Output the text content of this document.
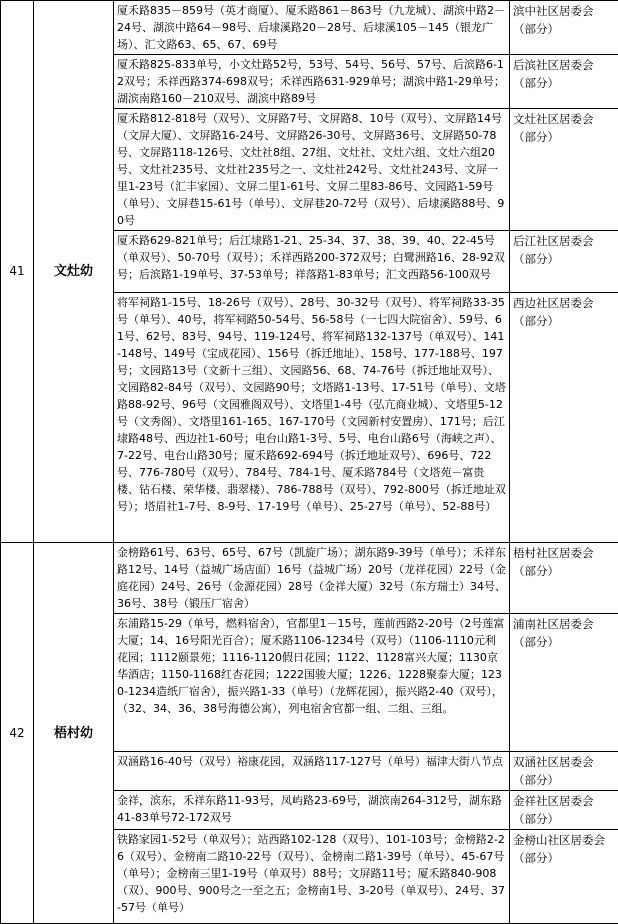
41	文灶幼	厦禾路835－859号（英才商厦）、厦禾路861－863号（九龙城）、湖滨中路2－24号、湖滨中路64－98号、后埭溪路20－28号、后埭溪105－145（银龙广场）、汇文路63、65、67、69号	滨中社区居委会（部分）
		厦禾路825-833单号，小文灶路52号，53号、54号、56号、57号、后滨路6-12双号；禾祥西路374-698双号；禾祥西路631-929单号；湖滨中路1-29单号；湖滨南路160－210双号、湖滨中路89号	后滨社区居委会（部分）
		厦禾路812-818号（双号）、文屏路7号、文屏路8、10号（双号）、文屏路14号（文屏大厦）、文屏路16-24号、文屏路26-30号、文屏路36号、文屏路50-78号、文屏路118-126号、文灶社8组、27组、文灶社、文灶六组、文灶六组20号、文灶社235号、文灶社235号之一、文灶社242号、文灶社243号、文屏一里1-23号（汇丰家园）、文屏二里1-61号、文屏二里83-86号、文园路1-59号（单号）、文屏巷15-61号（单号）、文屏巷20-72号（双号）、后埭溪路88号、90号	文灶社区居委会（部分）
		厦禾路629-821单号；后江埭路1-21、25-34、37、38、39、40、22-45号（单双号）、50-70号（双号）；禾祥西路200-372双号；白鹭洲路16、28-92双号；后滨路1-19单号、37-53单号；祥落路1-83单号；汇文西路56-100双号	后江社区居委会（部分）
		将军祠路1-15号、18-26号（双号）、28号、30-32号（双号）、将军祠路33-35号（单号）、40号，将军祠路50-54号、56-58号（一七四大院宿舍）、59号、61号、62号、83号、94号、119-124号、将军祠路132-137号（单双号）、141-148号、149号（宝成花园）、156号（拆迁地址）、158号、177-188号、197号；文园路13号（文新十三组）、文园路56、68、74-76号（拆迁地址双号）、文园路82-84号（双号）、文园路90号；文塔路1-13号、17-51号（单号）、文塔路88-92号、96号（文园雅阁双号）、文塔里1-4号（弘亢商业城）、文塔里5-12号（文秀阁）、文塔里161-165、167-170号（文园新村安置房）、171号；后江埭路48号、西边社1-60号；电台山路1-3号、5号、电台山路6号（海峡之声）、7-22号、电台山路30号；厦禾路692-694号（拆迁地址双号）、696号、722号、776-780号（双号）、784号、784-1号、厦禾路784号（文塔苑－富贵楼、钻石楼、荣华楼、翡翠楼）、786-788号（双号）、792-800号（拆迁地址双号）；塔眉社1-7号、8-9号、17-19号（单号）、25-27号（单号）、52-88号）	西边社区居委会（部分）
42	梧村幼	金榜路61号、63号、65号、67号（凯旋广场）；湖东路9-39号（单号）；禾祥东路12号、14号（益城广场店面）16号（益城广场）20号（龙祥花园）22号（金庭花园）24号、26号（金源花园）28号（金祥大厦）32号（东方瑞士）34号、36号、38号（锻压厂宿舍）	梧村社区居委会（部分）
		东浦路15-29（单号，燃料宿舍），官都里1－15号，莲前西路2-20号（2号莲富大厦；14、16号阳光百合）；厦禾路1106-1234号（双号）（1106-1110元利花园；1112颐景苑；1116-1120假日花园；1122、1128富兴大厦；1130京华酒店；1150-1168红杏花园；1222国骏大厦；1226、1228聚泰大厦；1230-1234造纸厂宿舍），振兴路1-33（单号）（龙辉花园），振兴路2-40（双号），（32、34、36、38号海德公寓），列电宿舍官都一组、二组、三组。	浦南社区居委会（部分）
		双涵路16-40号（双号）裕康花园，双涵路117-127号（单号）福津大街八节点	双涵社区居委会（部分）
		金祥，滨东，禾祥东路11-93号，凤屿路23-69号，湖滨南264-312号，湖东路41-83单号72-172双号	金祥社区居委会（部分）
		铁路家园1-52号（单双号）；站西路102-128（双号）、101-103号；金榜路2-26（双号）、金榜南二路10-22号（双号）、金榜南二路1-39号（单号）、45-67号（单号）；金榜南三里1-19号（单双号）88号；文屏路11号；厦禾路840-908（双）、900号、900号之一至之五；金榜南1号、3-20号（单双号）、24号、37-57号（单号）	金榜山社区居委会（部分）
